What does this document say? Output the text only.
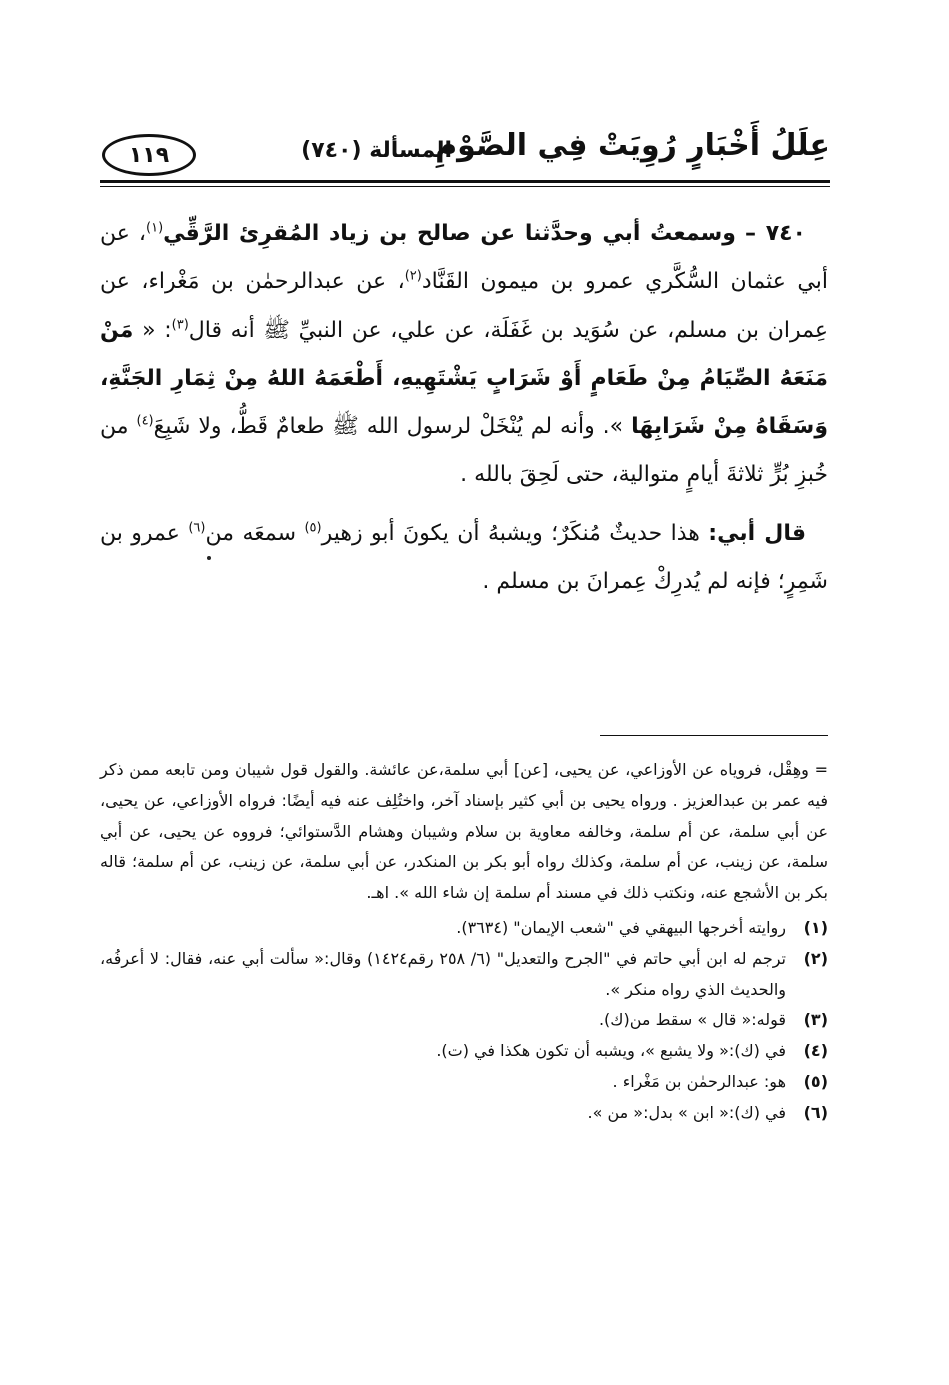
عِلَلُ أَخْبَارٍ رُوِيَتْ فِي الصَّوْمِ
المسألة (٧٤٠)
١١٩

٧٤٠ – وسمعتُ أبي وحدَّثنا عن صالح بن زياد المُقرِئ الرَّقِّي$^{(١)}$، عن أبي عثمان السُّكَّري عمرو بن ميمون القَنَّاد$^{(٢)}$، عن عبدالرحمٰن بن مَغْراء، عن عِمران بن مسلم، عن سُوَيد بن غَفَلَة، عن علي، عن النبيِّ ﷺ أنه قال$^{(٣)}$: « مَنْ مَنَعَهُ الصِّيَامُ مِنْ طَعَامٍ أَوْ شَرَابٍ يَشْتَهِيهِ، أَطْعَمَهُ اللهُ مِنْ ثِمَارِ الجَنَّةِ، وَسَقَاهُ مِنْ شَرَابِهَا ». وأنه لم يُنْخَلْ لرسول الله ﷺ طعامٌ قَطُّ، ولا شَبِعَ$^{(٤)}$ من خُبزِ بُرٍّ ثلاثةَ أيامٍ متوالية، حتى لَحِقَ بالله .

قال أبي: هذا حديثٌ مُنكَرٌ؛ ويشبهُ أن يكونَ أبو زهير$^{(٥)}$ سمعَه من$^{(٦)}$ عمرو بن شَمِرٍ؛ فإنه لم يُدرِكْ عِمرانَ بن مسلم .

= وهِقْل، فروياه عن الأوزاعي، عن يحيى، [عن] أبي سلمة،عن عائشة. والقول قول شيبان ومن تابعه ممن ذكر فيه عمر بن عبدالعزيز . ورواه يحيى بن أبي كثير بإسناد آخر، واختُلِف عنه فيه أيضًا: فرواه الأوزاعي، عن يحيى، عن أبي سلمة، عن أم سلمة، وخالفه معاوية بن سلام وشيبان وهشام الدَّستوائي؛ فرووه عن يحيى، عن أبي سلمة، عن زينب، عن أم سلمة، وكذلك رواه أبو بكر بن المنكدر، عن أبي سلمة، عن زينب، عن أم سلمة؛ قاله بكر بن الأشجع عنه، ونكتب ذلك في مسند أم سلمة إن شاء الله ». اهـ.

(١)
روايته أخرجها البيهقي في "شعب الإيمان" (٣٦٣٤).
(٢)
ترجم له ابن أبي حاتم في "الجرح والتعديل" (٦/ ٢٥٨ رقم١٤٢٤) وقال:« سألت أبي عنه، فقال: لا أعرفُه، والحديث الذي رواه منكر ».
(٣)
قوله:« قال » سقط من(ك).
(٤)
في (ك):« ولا يشبع »، ويشبه أن تكون هكذا في (ت).
(٥)
هو: عبدالرحمٰن بن مَغْراء .
(٦)
في (ك):« ابن » بدل:« من ».
